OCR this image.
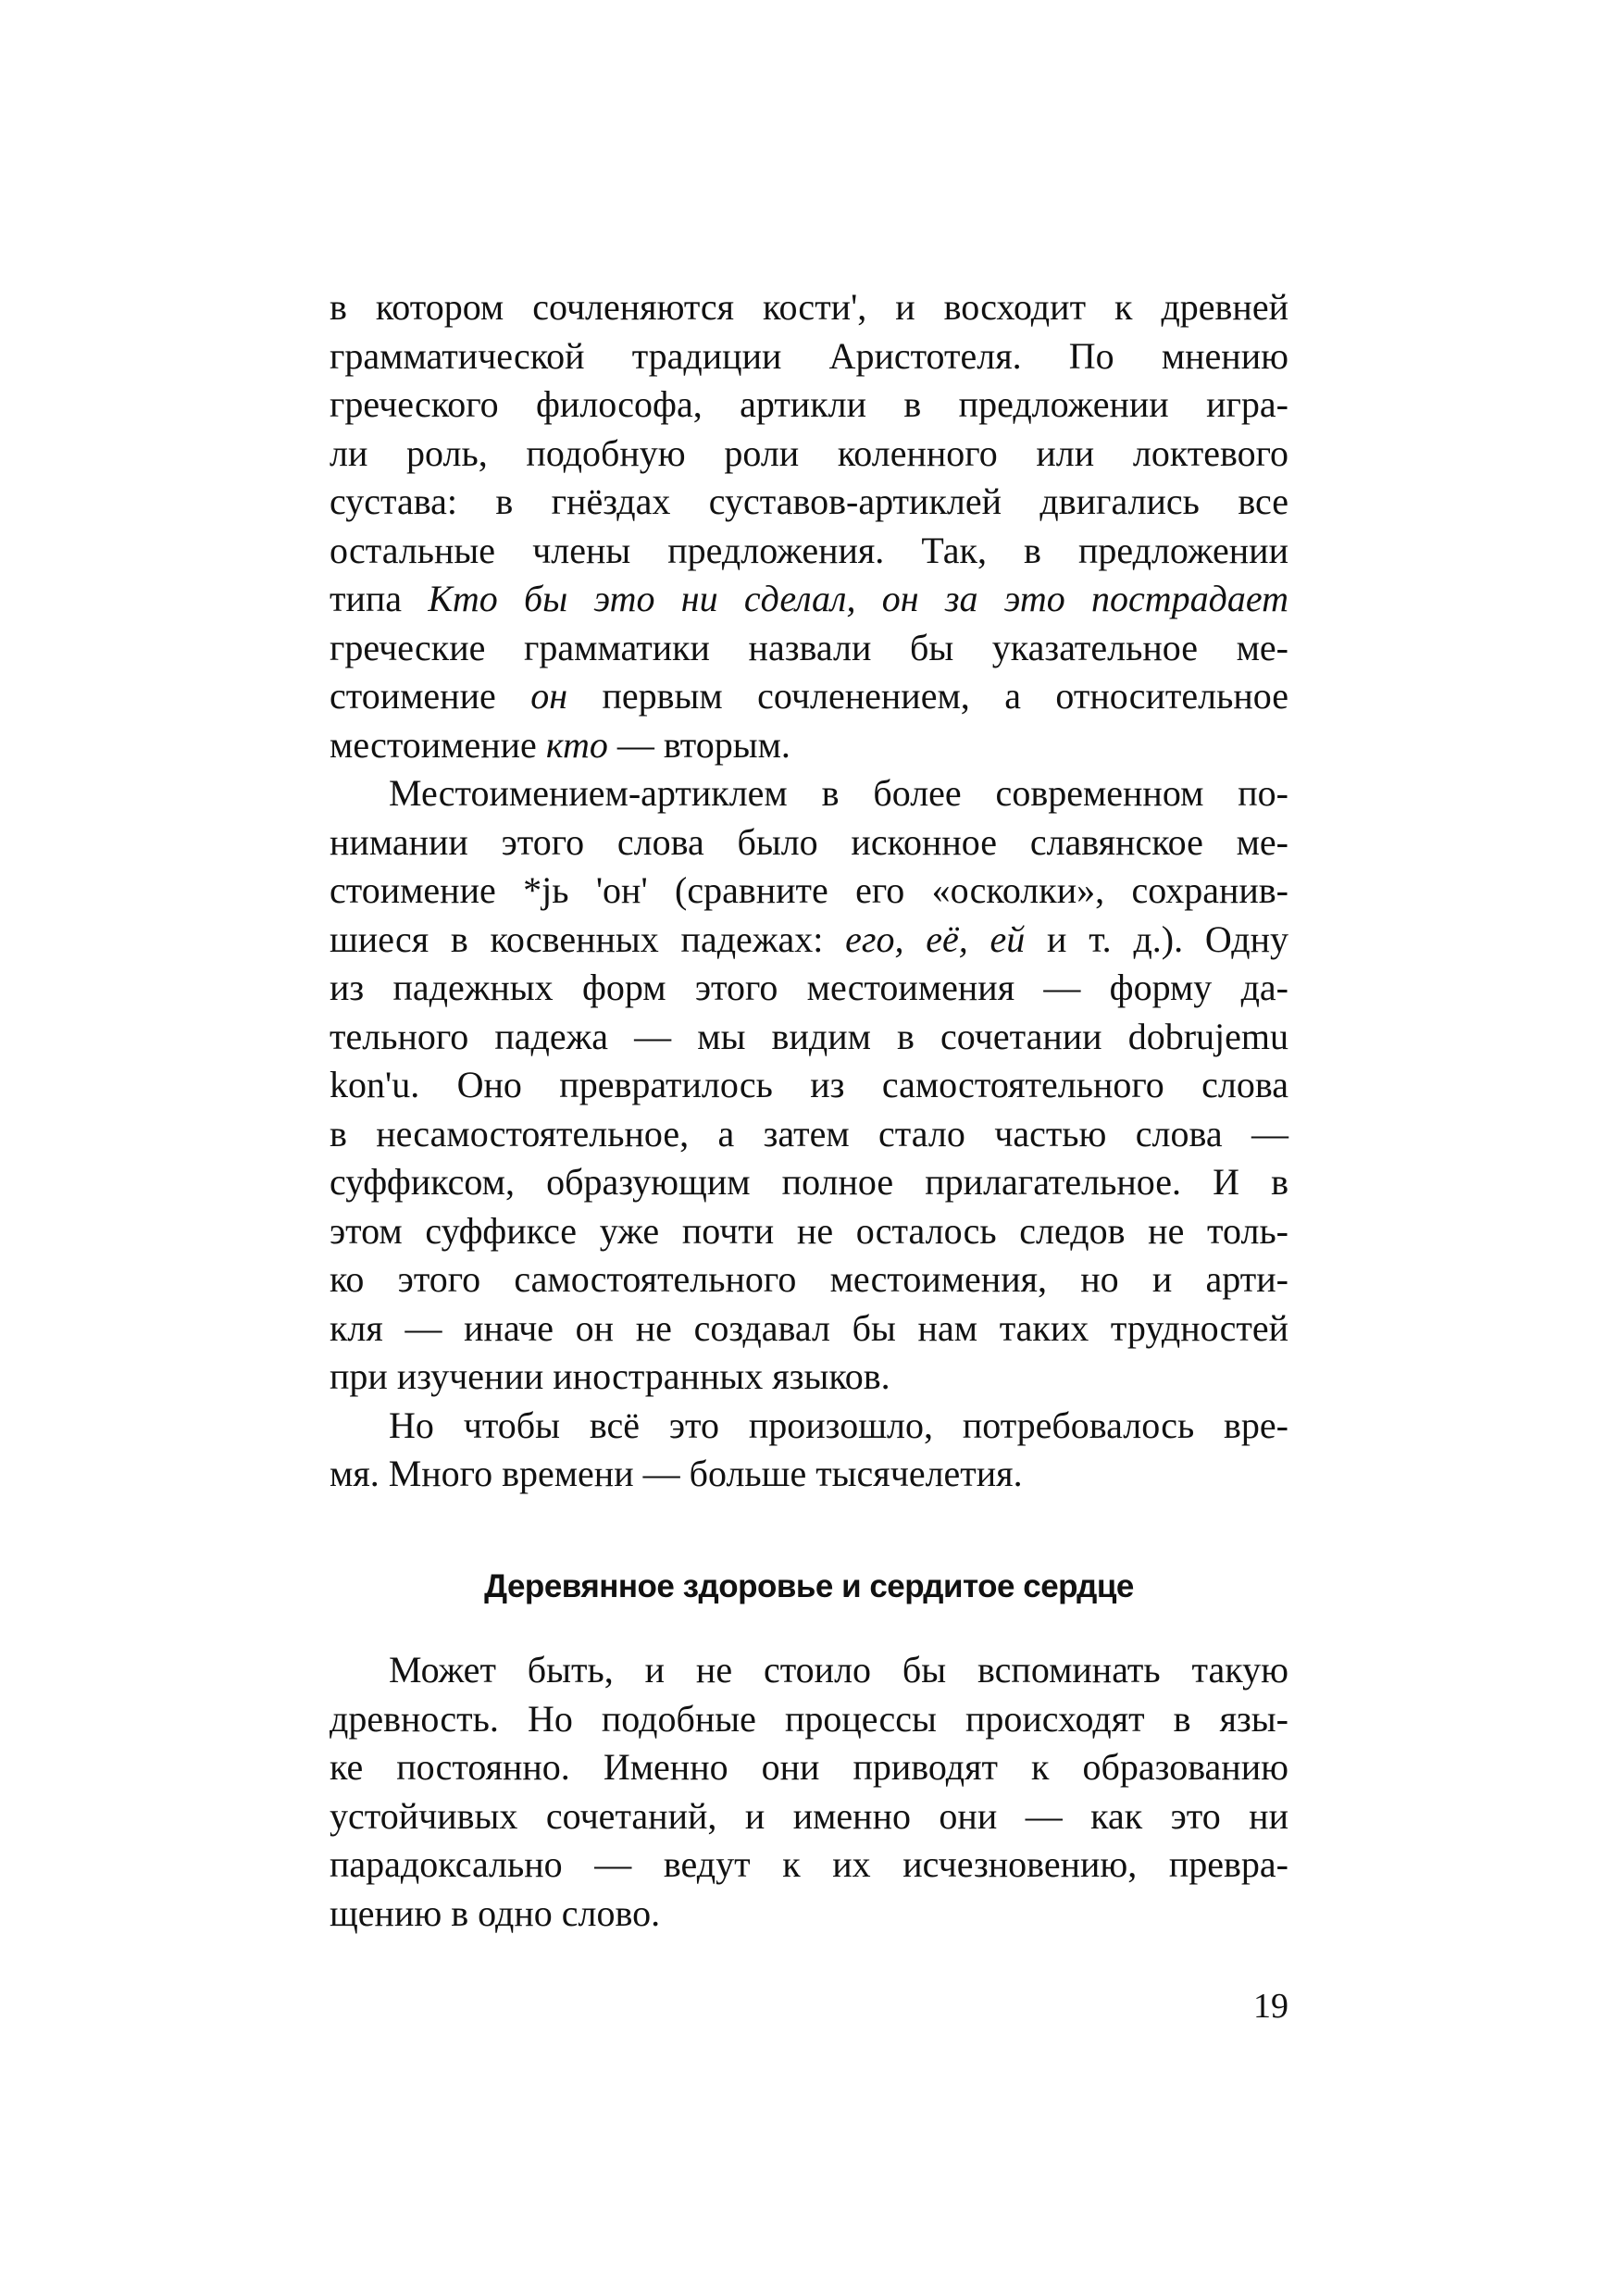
в котором сочленяются кости', и восходит к древней
грамматической традиции Аристотеля. По мнению
греческого философа, артикли в предложении игра-
ли роль, подобную роли коленного или локтевого
сустава: в гнёздах суставов-артиклей двигались все
остальные члены предложения. Так, в предложении
типа Кто бы это ни сделал, он за это пострадает
греческие грамматики назвали бы указательное ме-
стоимение он первым сочленением, а относительное
местоимение кто — вторым.
Местоимением-артиклем в более современном по-
нимании этого слова было исконное славянское ме-
стоимение *jь 'он' (сравните его «осколки», сохранив-
шиеся в косвенных падежах: его, её, ей и т. д.). Одну
из падежных форм этого местоимения — форму да-
тельного падежа — мы видим в сочетании dobrujemu
kon'u. Оно превратилось из самостоятельного слова
в несамостоятельное, а затем стало частью слова —
суффиксом, образующим полное прилагательное. И в
этом суффиксе уже почти не осталось следов не толь-
ко этого самостоятельного местоимения, но и арти-
кля — иначе он не создавал бы нам таких трудностей
при изучении иностранных языков.
Но чтобы всё это произошло, потребовалось вре-
мя. Много времени — больше тысячелетия.
Деревянное здоровье и сердитое сердце
Может быть, и не стоило бы вспоминать такую
древность. Но подобные процессы происходят в язы-
ке постоянно. Именно они приводят к образованию
устойчивых сочетаний, и именно они — как это ни
парадоксально — ведут к их исчезновению, превра-
щению в одно слово.
19
